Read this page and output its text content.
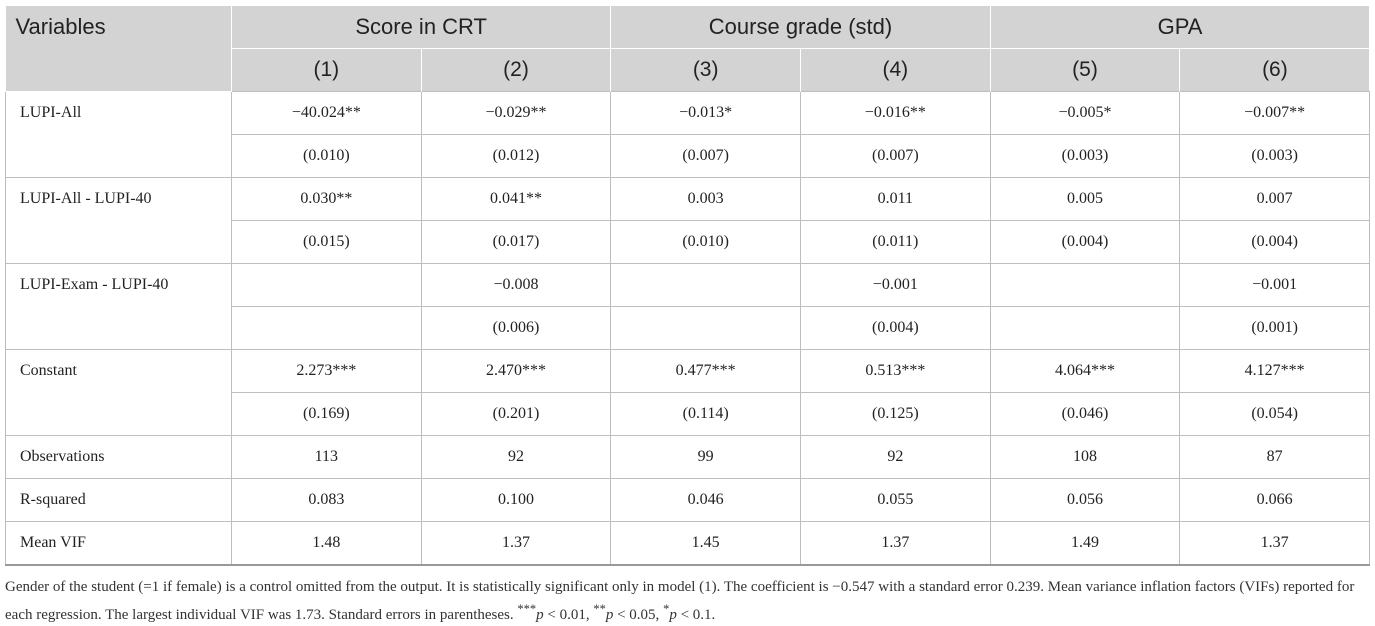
Variables	Score in CRT		Course grade (std)		GPA	
	(1)	(2)	(3)	(4)	(5)	(6)
LUPI-All	−40.024**	−0.029**	−0.013*	−0.016**	−0.005*	−0.007**
	(0.010)	(0.012)	(0.007)	(0.007)	(0.003)	(0.003)
LUPI-All - LUPI-40	0.030**	0.041**	0.003	0.011	0.005	0.007
	(0.015)	(0.017)	(0.010)	(0.011)	(0.004)	(0.004)
LUPI-Exam - LUPI-40		−0.008		−0.001		−0.001
		(0.006)		(0.004)		(0.001)
Constant	2.273***	2.470***	0.477***	0.513***	4.064***	4.127***
	(0.169)	(0.201)	(0.114)	(0.125)	(0.046)	(0.054)
Observations	113	92	99	92	108	87
R-squared	0.083	0.100	0.046	0.055	0.056	0.066
Mean VIF	1.48	1.37	1.45	1.37	1.49	1.37
Gender of the student (=1 if female) is a control omitted from the output. It is statistically significant only in model (1). The coefficient is −0.547 with a standard error 0.239. Mean variance inflation factors (VIFs) reported for each regression. The largest individual VIF was 1.73. Standard errors in parentheses. ***p < 0.01, **p < 0.05, *p < 0.1.
